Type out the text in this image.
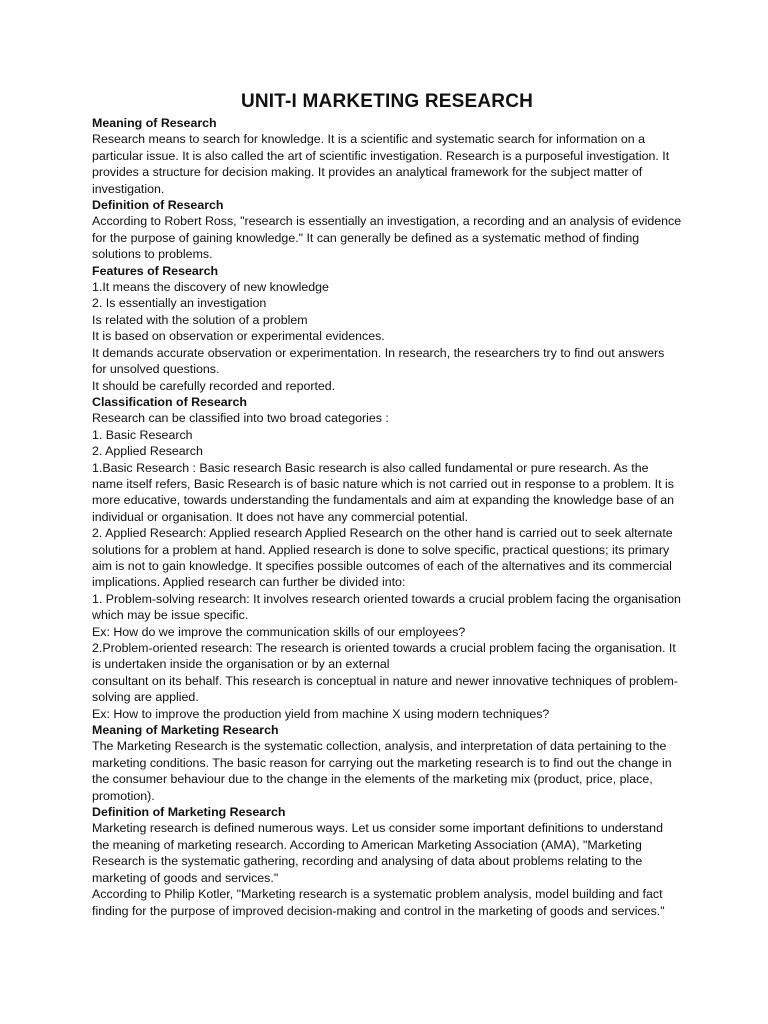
UNIT-I MARKETING RESEARCH
Meaning of Research
Research means to search for knowledge. It is a scientific and systematic search for information on a particular issue. It is also called the art of scientific investigation. Research is a purposeful investigation. It provides a structure for decision making. It provides an analytical framework for the subject matter of investigation.
Definition of Research
According to Robert Ross, "research is essentially an investigation, a recording and an analysis of evidence for the purpose of gaining knowledge." It can generally be defined as a systematic method of finding solutions to problems.
Features of Research
1.It means the discovery of new knowledge
2. Is essentially an investigation
Is related with the solution of a problem
It is based on observation or experimental evidences.
It demands accurate observation or experimentation. In research, the researchers try to find out answers for unsolved questions.
It should be carefully recorded and reported.
Classification of Research
Research can be classified into two broad categories :
1. Basic Research
2. Applied Research
1.Basic Research : Basic research Basic research is also called fundamental or pure research. As the name itself refers, Basic Research is of basic nature which is not carried out in response to a problem. It is more educative, towards understanding the fundamentals and aim at expanding the knowledge base of an individual or organisation. It does not have any commercial potential.
2. Applied Research: Applied research Applied Research on the other hand is carried out to seek alternate solutions for a problem at hand. Applied research is done to solve specific, practical questions; its primary aim is not to gain knowledge. It specifies possible outcomes of each of the alternatives and its commercial implications. Applied research can further be divided into:
1. Problem-solving research: It involves research oriented towards a crucial problem facing the organisation which may be issue specific.
Ex: How do we improve the communication skills of our employees?
2.Problem-oriented research: The research is oriented towards a crucial problem facing the organisation. It is undertaken inside the organisation or by an external
consultant on its behalf. This research is conceptual in nature and newer innovative techniques of problem-solving are applied.
Ex: How to improve the production yield from machine X using modern techniques?
Meaning of Marketing Research
The Marketing Research is the systematic collection, analysis, and interpretation of data pertaining to the marketing conditions. The basic reason for carrying out the marketing research is to find out the change in the consumer behaviour due to the change in the elements of the marketing mix (product, price, place, promotion).
Definition of Marketing Research
Marketing research is defined numerous ways. Let us consider some important definitions to understand the meaning of marketing research. According to American Marketing Association (AMA), "Marketing Research is the systematic gathering, recording and analysing of data about problems relating to the marketing of goods and services."
According to Philip Kotler, "Marketing research is a systematic problem analysis, model building and fact finding for the purpose of improved decision-making and control in the marketing of goods and services."
